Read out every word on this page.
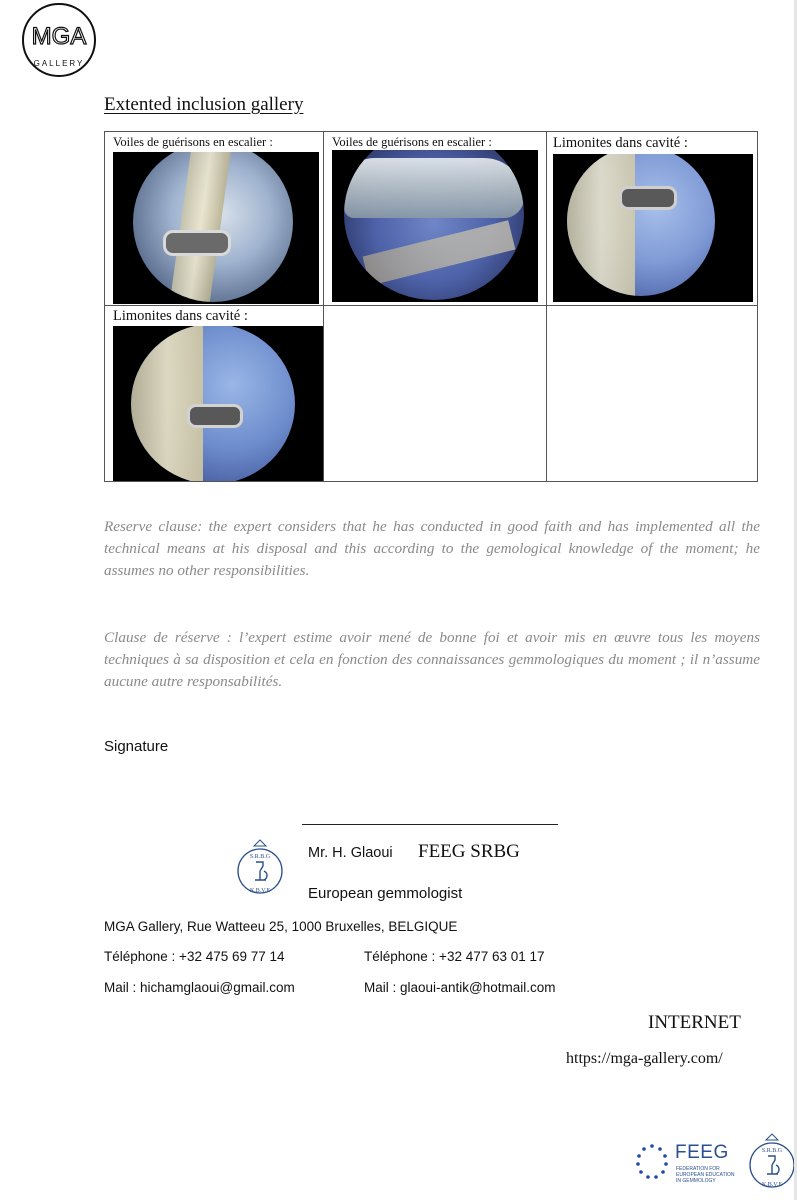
MGA
GALLERY
Extented inclusion gallery
Voiles de guérisons en escalier :	Voiles de guérisons en escalier :	Limonites dans cavité :
Limonites dans cavité :
Reserve clause: the expert considers that he has conducted in good faith and has implemented all the technical means at his disposal and this according to the gemological knowledge of the moment; he assumes no other responsibilities.
Clause de réserve : l’expert estime avoir mené de bonne foi et avoir mis en œuvre tous les moyens techniques à sa disposition et cela en fonction des connaissances gemmologiques du moment ; il n’assume aucune autre responsabilités.
Signature
S.R.B.G
K.B.V.E
Mr. H. Glaoui FEEG SRBG
European gemmologist
MGA Gallery, Rue Watteeu 25, 1000 Bruxelles, BELGIQUE
Téléphone : +32 475 69 77 14	Téléphone : +32 477 63 01 17
Mail : hichamglaoui@gmail.com	Mail : glaoui-antik@hotmail.com
INTERNET
https://mga-gallery.com/
FEEG
FEDERATION FOR EUROPEAN EDUCATION IN GEMMOLOGY
S.R.B.G
K.B.V.E
